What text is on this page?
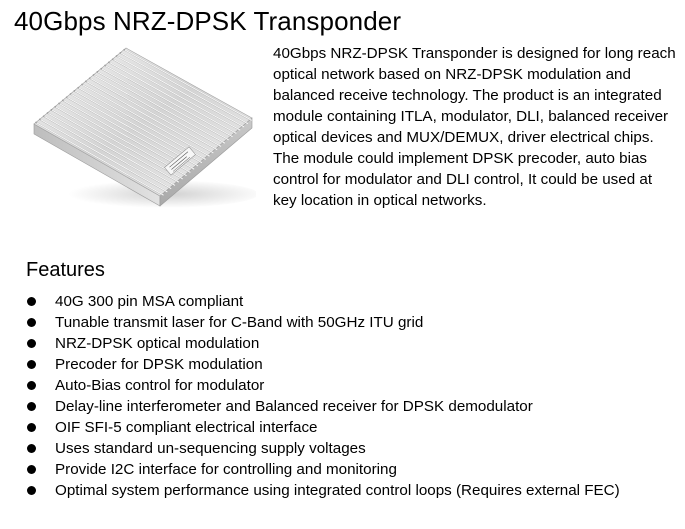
40Gbps NRZ-DPSK Transponder

40Gbps NRZ-DPSK Transponder is designed for long reach optical network based on NRZ-DPSK modulation and balanced receive technology. The product is an integrated module containing ITLA, modulator, DLI, balanced receiver optical devices and MUX/DEMUX, driver electrical chips. The module could implement DPSK precoder, auto bias control for modulator and DLI control, It could be used at key location in optical networks.

Features
40G 300 pin MSA compliant
Tunable transmit laser for C-Band with 50GHz ITU grid
NRZ-DPSK optical modulation
Precoder for DPSK modulation
Auto-Bias control for modulator
Delay-line interferometer and Balanced receiver for DPSK demodulator
OIF SFI-5 compliant electrical interface
Uses standard un-sequencing supply voltages
Provide I2C interface for controlling and monitoring
Optimal system performance using integrated control loops (Requires external FEC)
